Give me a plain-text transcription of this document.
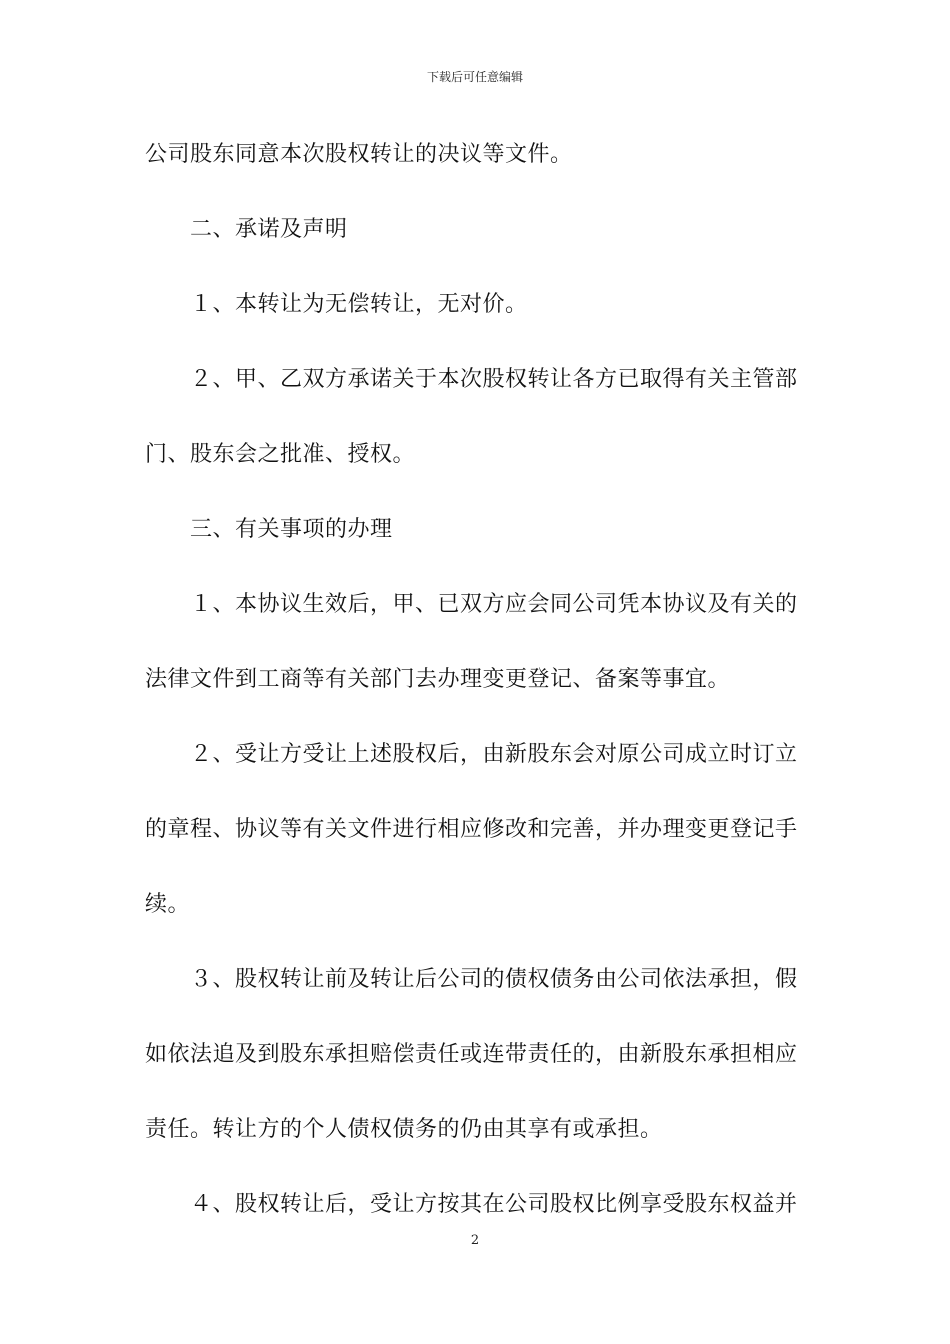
下载后可任意编辑
公司股东同意本次股权转让的决议等文件。
二、承诺及声明
１、本转让为无偿转让，无对价。
２、甲、乙双方承诺关于本次股权转让各方已取得有关主管部
门、股东会之批准、授权。
三、有关事项的办理
１、本协议生效后，甲、已双方应会同公司凭本协议及有关的
法律文件到工商等有关部门去办理变更登记、备案等事宜。
２、受让方受让上述股权后，由新股东会对原公司成立时订立
的章程、协议等有关文件进行相应修改和完善，并办理变更登记手
续。
３、股权转让前及转让后公司的债权债务由公司依法承担，假
如依法追及到股东承担赔偿责任或连带责任的，由新股东承担相应
责任。转让方的个人债权债务的仍由其享有或承担。
４、股权转让后，受让方按其在公司股权比例享受股东权益并
2
